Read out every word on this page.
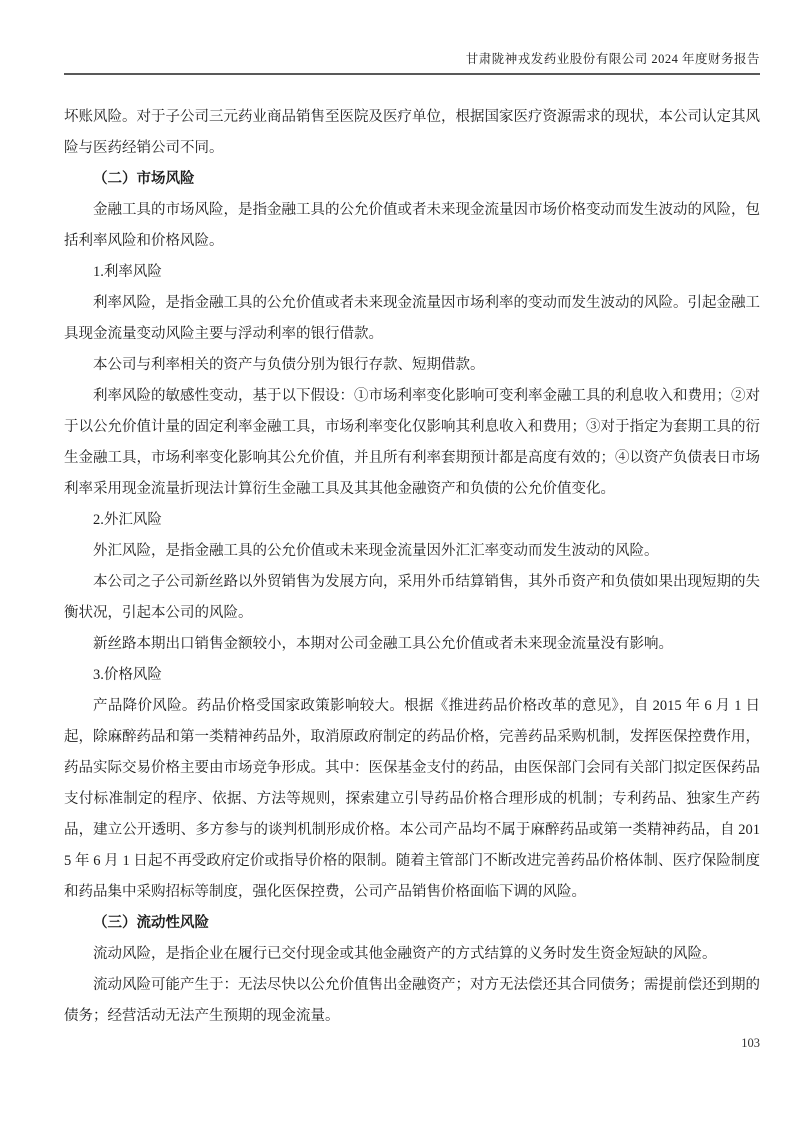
甘肃陇神戎发药业股份有限公司 2024 年度财务报告

坏账风险。对于子公司三元药业商品销售至医院及医疗单位，根据国家医疗资源需求的现状，本公司认定其风险与医药经销公司不同。

（二）市场风险

金融工具的市场风险，是指金融工具的公允价值或者未来现金流量因市场价格变动而发生波动的风险，包括利率风险和价格风险。

1.利率风险

利率风险，是指金融工具的公允价值或者未来现金流量因市场利率的变动而发生波动的风险。引起金融工具现金流量变动风险主要与浮动利率的银行借款。

本公司与利率相关的资产与负债分别为银行存款、短期借款。

利率风险的敏感性变动，基于以下假设：①市场利率变化影响可变利率金融工具的利息收入和费用；②对于以公允价值计量的固定利率金融工具，市场利率变化仅影响其利息收入和费用；③对于指定为套期工具的衍生金融工具，市场利率变化影响其公允价值，并且所有利率套期预计都是高度有效的；④以资产负债表日市场利率采用现金流量折现法计算衍生金融工具及其其他金融资产和负债的公允价值变化。

2.外汇风险

外汇风险，是指金融工具的公允价值或未来现金流量因外汇汇率变动而发生波动的风险。

本公司之子公司新丝路以外贸销售为发展方向，采用外币结算销售，其外币资产和负债如果出现短期的失衡状况，引起本公司的风险。

新丝路本期出口销售金额较小，本期对公司金融工具公允价值或者未来现金流量没有影响。

3.价格风险

产品降价风险。药品价格受国家政策影响较大。根据《推进药品价格改革的意见》，自 2015 年 6 月 1 日起，除麻醉药品和第一类精神药品外，取消原政府制定的药品价格，完善药品采购机制，发挥医保控费作用，药品实际交易价格主要由市场竞争形成。其中：医保基金支付的药品，由医保部门会同有关部门拟定医保药品支付标准制定的程序、依据、方法等规则，探索建立引导药品价格合理形成的机制；专利药品、独家生产药品，建立公开透明、多方参与的谈判机制形成价格。本公司产品均不属于麻醉药品或第一类精神药品，自 2015 年 6 月 1 日起不再受政府定价或指导价格的限制。随着主管部门不断改进完善药品价格体制、医疗保险制度和药品集中采购招标等制度，强化医保控费，公司产品销售价格面临下调的风险。

（三）流动性风险

流动风险，是指企业在履行已交付现金或其他金融资产的方式结算的义务时发生资金短缺的风险。

流动风险可能产生于：无法尽快以公允价值售出金融资产；对方无法偿还其合同债务；需提前偿还到期的债务；经营活动无法产生预期的现金流量。

103
